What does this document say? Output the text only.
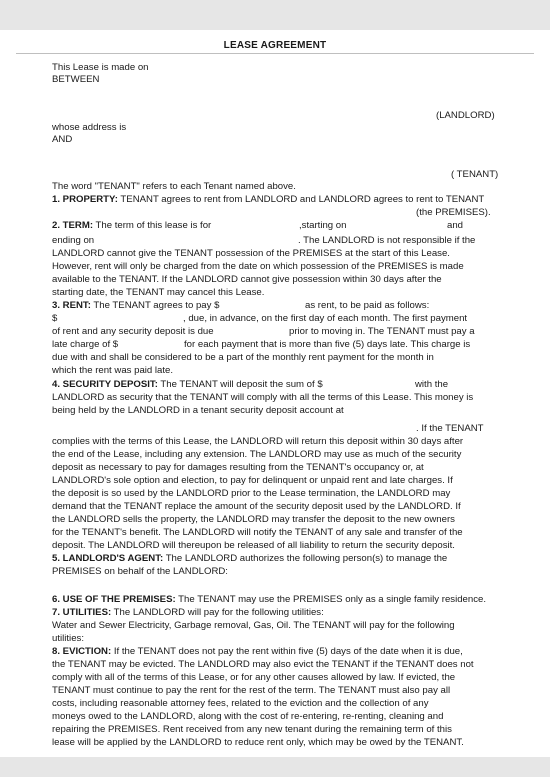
LEASE AGREEMENT
This Lease is made on
BETWEEN
(LANDLORD)
whose address is
AND
( TENANT)
The word "TENANT" refers to each Tenant named above.
1. PROPERTY: TENANT agrees to rent from LANDLORD and LANDLORD agrees to rent to TENANT
(the PREMISES).
2. TERM: The term of this lease is for	,starting on	and
ending on	. The LANDLORD is not responsible if the
LANDLORD cannot give the TENANT possession of the PREMISES at the start of this Lease.
However, rent will only be charged from the date on which possession of the PREMISES is made
available to the TENANT. If the LANDLORD cannot give possession within 30 days after the
starting date, the TENANT may cancel this Lease.
3. RENT: The TENANT agrees to pay $	as rent, to be paid as follows:
$	, due, in advance, on the first day of each month. The first payment
of rent and any security deposit is due	prior to moving in. The TENANT must pay a
late charge of $	for each payment that is more than five (5) days late. This charge is
due with and shall be considered to be a part of the monthly rent payment for the month in
which the rent was paid late.
4. SECURITY DEPOSIT: The TENANT will deposit the sum of $	with the
LANDLORD as security that the TENANT will comply with all the terms of this Lease. This money is
being held by the LANDLORD in a tenant security deposit account at
. If the TENANT
complies with the terms of this Lease, the LANDLORD will return this deposit within 30 days after
the end of the Lease, including any extension. The LANDLORD may use as much of the security
deposit as necessary to pay for damages resulting from the TENANT's occupancy or, at
LANDLORD's sole option and election, to pay for delinquent or unpaid rent and late charges. If
the deposit is so used by the LANDLORD prior to the Lease termination, the LANDLORD may
demand that the TENANT replace the amount of the security deposit used by the LANDLORD. If
the LANDLORD sells the property, the LANDLORD may transfer the deposit to the new owners
for the TENANT's benefit. The LANDLORD will notify the TENANT of any sale and transfer of the
deposit. The LANDLORD will thereupon be released of all liability to return the security deposit.
5. LANDLORD'S AGENT: The LANDLORD authorizes the following person(s) to manage the
PREMISES on behalf of the LANDLORD:
6. USE OF THE PREMISES: The TENANT may use the PREMISES only as a single family residence.
7. UTILITIES: The LANDLORD will pay for the following utilities:
Water and Sewer Electricity, Garbage removal, Gas, Oil. The TENANT will pay for the following
utilities:
8. EVICTION: If the TENANT does not pay the rent within five (5) days of the date when it is due,
the TENANT may be evicted. The LANDLORD may also evict the TENANT if the TENANT does not
comply with all of the terms of this Lease, or for any other causes allowed by law. If evicted, the
TENANT must continue to pay the rent for the rest of the term. The TENANT must also pay all
costs, including reasonable attorney fees, related to the eviction and the collection of any
moneys owed to the LANDLORD, along with the cost of re-entering, re-renting, cleaning and
repairing the PREMISES. Rent received from any new tenant during the remaining term of this
lease will be applied by the LANDLORD to reduce rent only, which may be owed by the TENANT.
